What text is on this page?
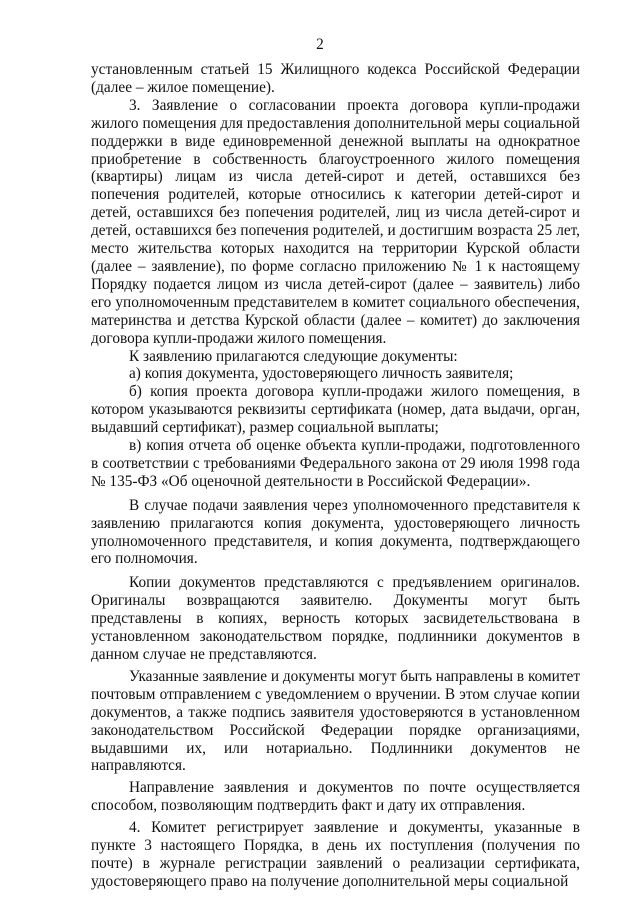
2

установленным статьей 15 Жилищного кодекса Российской Федерации (далее – жилое помещение).

3. Заявление о согласовании проекта договора купли-продажи жилого помещения для предоставления дополнительной меры социальной поддержки в виде единовременной денежной выплаты на однократное приобретение в собственность благоустроенного жилого помещения (квартиры) лицам из числа детей-сирот и детей, оставшихся без попечения родителей, которые относились к категории детей-сирот и детей, оставшихся без попечения родителей, лиц из числа детей-сирот и детей, оставшихся без попечения родителей, и достигшим возраста 25 лет, место жительства которых находится на территории Курской области (далее – заявление), по форме согласно приложению № 1 к настоящему Порядку подается лицом из числа детей-сирот (далее – заявитель) либо его уполномоченным представителем в комитет социального обеспечения, материнства и детства Курской области (далее – комитет) до заключения договора купли-продажи жилого помещения.

К заявлению прилагаются следующие документы:

а) копия документа, удостоверяющего личность заявителя;

б) копия проекта договора купли-продажи жилого помещения, в котором указываются реквизиты сертификата (номер, дата выдачи, орган, выдавший сертификат), размер социальной выплаты;

в) копия отчета об оценке объекта купли-продажи, подготовленного в соответствии с требованиями Федерального закона от 29 июля 1998 года № 135-ФЗ «Об оценочной деятельности в Российской Федерации».

В случае подачи заявления через уполномоченного представителя к заявлению прилагаются копия документа, удостоверяющего личность уполномоченного представителя, и копия документа, подтверждающего его полномочия.

Копии документов представляются с предъявлением оригиналов. Оригиналы возвращаются заявителю. Документы могут быть представлены в копиях, верность которых засвидетельствована в установленном законодательством порядке, подлинники документов в данном случае не представляются.

Указанные заявление и документы могут быть направлены в комитет почтовым отправлением с уведомлением о вручении. В этом случае копии документов, а также подпись заявителя удостоверяются в установленном законодательством Российской Федерации порядке организациями, выдавшими их, или нотариально. Подлинники документов не направляются.

Направление заявления и документов по почте осуществляется способом, позволяющим подтвердить факт и дату их отправления.

4. Комитет регистрирует заявление и документы, указанные в пункте 3 настоящего Порядка, в день их поступления (получения по почте) в журнале регистрации заявлений о реализации сертификата, удостоверяющего право на получение дополнительной меры социальной
